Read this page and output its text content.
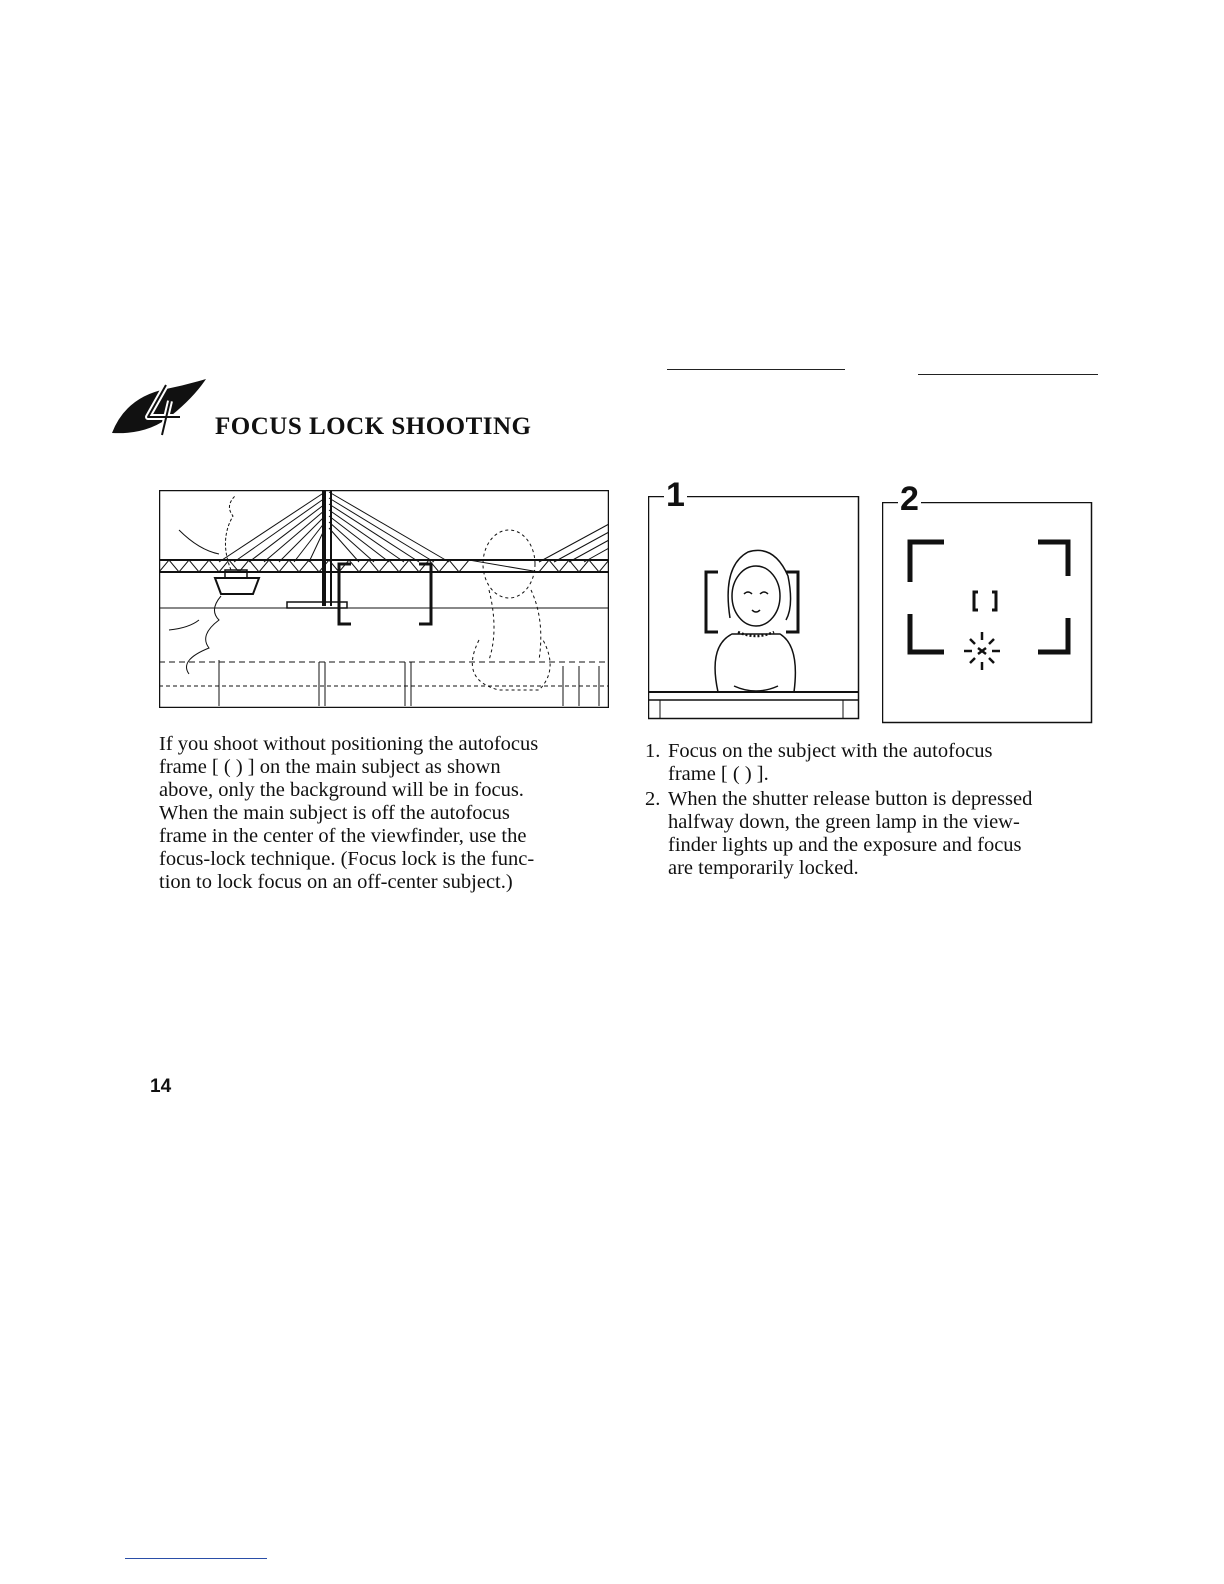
FOCUS LOCK SHOOTING
1	2

If you shoot without positioning the autofocus
frame [ ( ) ] on the main subject as shown
above, only the background will be in focus.
When the main subject is off the autofocus
frame in the center of the viewfinder, use the
focus-lock technique. (Focus lock is the func-
tion to lock focus on an off-center subject.)

1. Focus on the subject with the autofocus
frame [ ( ) ].
2. When the shutter release button is depressed
halfway down, the green lamp in the view-
finder lights up and the exposure and focus
are temporarily locked.
14
